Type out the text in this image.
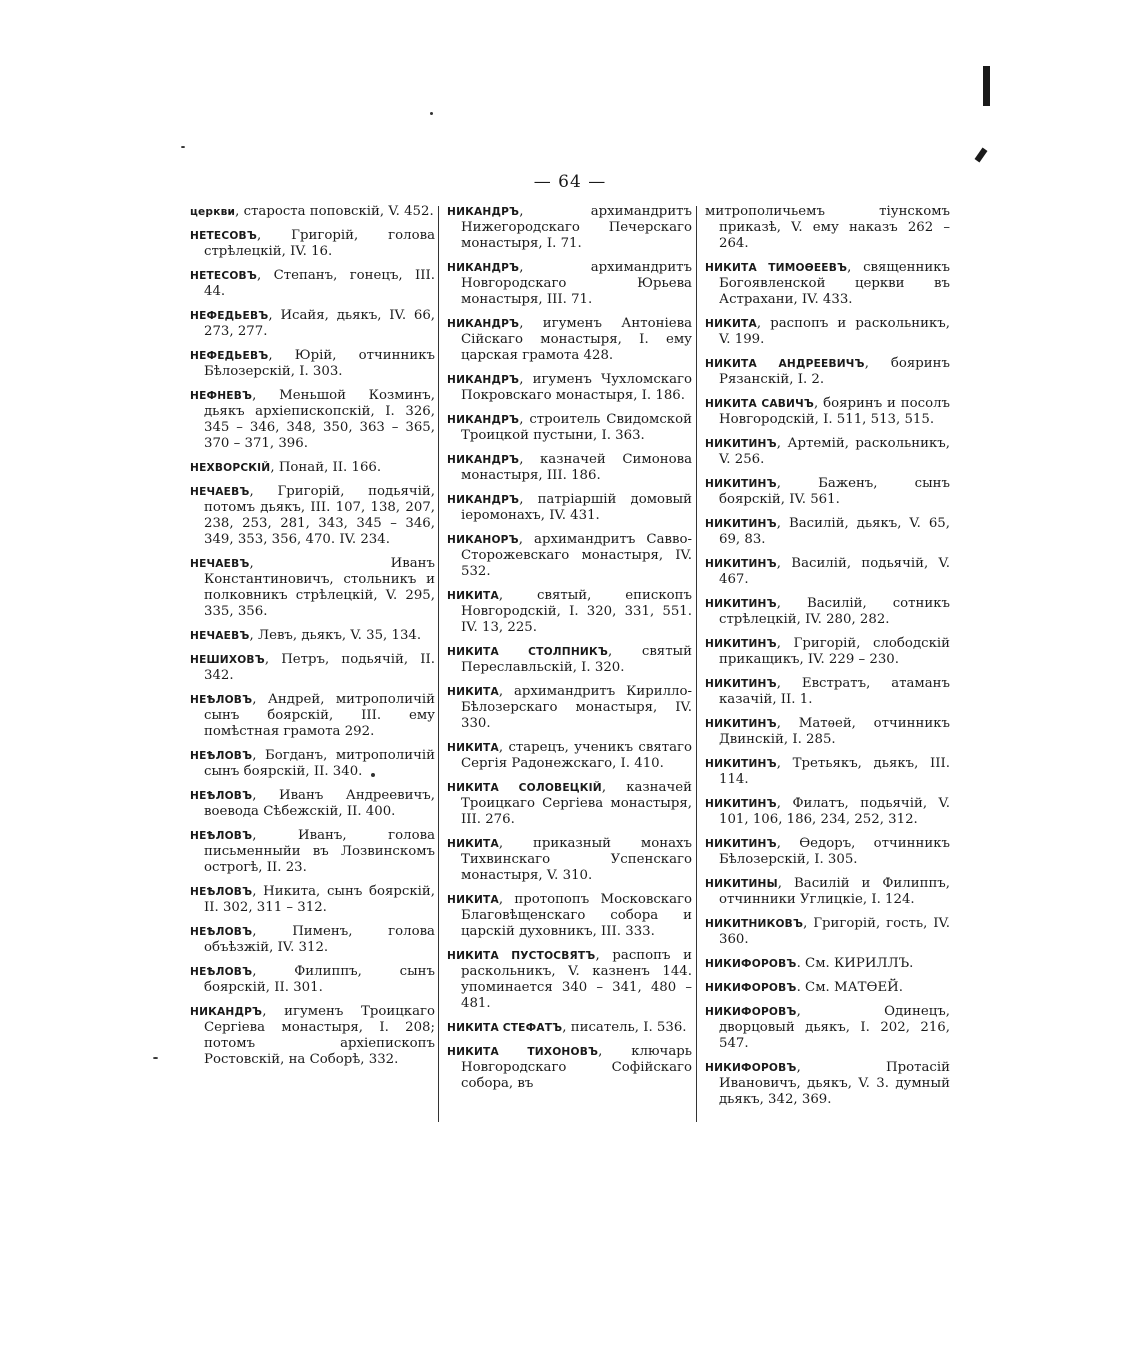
— 64 —

церкви, староста поповскій, V. 452.

НЕТЕСОВЪ, Григорій, голова стрѣлецкій, IV. 16.

НЕТЕСОВЪ, Степанъ, гонецъ, III. 44.

НЕФЕДЬЕВЪ, Исайя, дьякъ, IV. 66, 273, 277.

НЕФЕДЬЕВЪ, Юрій, отчинникъ Бѣлозерскій, I. 303.

НЕФНЕВЪ, Меньшой Козминъ, дьякъ архіепископскій, I. 326, 345 – 346, 348, 350, 363 – 365, 370 – 371, 396.

НЕХВОРСКІЙ, Понай, II. 166.

НЕЧАЕВЪ, Григорій, подьячій, потомъ дьякъ, III. 107, 138, 207, 238, 253, 281, 343, 345 – 346, 349, 353, 356, 470. IV. 234.

НЕЧАЕВЪ, Иванъ Константиновичъ, стольникъ и полковникъ стрѣлецкій, V. 295, 335, 356.

НЕЧАЕВЪ, Левъ, дьякъ, V. 35, 134.

НЕШИХОВЪ, Петръ, подьячій, II. 342.

НЕѢЛОВЪ, Андрей, митрополичій сынъ боярскій, III. ему помѣстная грамота 292.

НЕѢЛОВЪ, Богданъ, митрополичій сынъ боярскій, II. 340.

НЕѢЛОВЪ, Иванъ Андреевичъ, воевода Сѣбежскій, II. 400.

НЕѢЛОВЪ, Иванъ, голова письменныйи въ Лозвинскомъ острогѣ, II. 23.

НЕѢЛОВЪ, Никита, сынъ боярскій, II. 302, 311 – 312.

НЕѢЛОВЪ, Пименъ, голова объѣзжій, IV. 312.

НЕѢЛОВЪ, Филиппъ, сынъ боярскій, II. 301.

НИКАНДРЪ, игуменъ Троицкаго Сергіева монастыря, I. 208; потомъ архіепископъ Ростовскій, на Соборѣ, 332.

НИКАНДРЪ, архимандритъ Нижегородскаго Печерскаго монастыря, I. 71.

НИКАНДРЪ, архимандритъ Новгородскаго Юрьева монастыря, III. 71.

НИКАНДРЪ, игуменъ Антоніева Сійскаго монастыря, I. ему царская грамота 428.

НИКАНДРЪ, игуменъ Чухломскаго Покровскаго монастыря, I. 186.

НИКАНДРЪ, строитель Свидомской Троицкой пустыни, I. 363.

НИКАНДРЪ, казначей Симонова монастыря, III. 186.

НИКАНДРЪ, патріаршій домовый іеромонахъ, IV. 431.

НИКАНОРЪ, архимандритъ Савво-Сторожевскаго монастыря, IV. 532.

НИКИТА, святый, епископъ Новгородскій, I. 320, 331, 551. IV. 13, 225.

НИКИТА СТОЛПНИКЪ, святый Переславльскій, I. 320.

НИКИТА, архимандритъ Кирилло-Бѣлозерскаго монастыря, IV. 330.

НИКИТА, старецъ, ученикъ святаго Сергія Радонежскаго, I. 410.

НИКИТА СОЛОВЕЦКІЙ, казначей Троицкаго Сергіева монастыря, III. 276.

НИКИТА, приказный монахъ Тихвинскаго Успенскаго монастыря, V. 310.

НИКИТА, протопопъ Московскаго Благовѣщенскаго собора и царскій духовникъ, III. 333.

НИКИТА ПУСТОСВЯТЪ, распопъ и раскольникъ, V. казненъ 144. упоминается 340 – 341, 480 – 481.

НИКИТА СТЕФАТЪ, писатель, I. 536.

НИКИТА ТИХОНОВЪ, ключарь Новгородскаго Софійскаго собора, въ

митрополичьемъ тіунскомъ приказѣ, V. ему наказъ 262 – 264.

НИКИТА ТИМОѲЕЕВЪ, священникъ Богоявленской церкви въ Астрахани, IV. 433.

НИКИТА, распопъ и раскольникъ, V. 199.

НИКИТА АНДРЕЕВИЧЪ, бояринъ Рязанскій, I. 2.

НИКИТА САВИЧЪ, бояринъ и посолъ Новгородскій, I. 511, 513, 515.

НИКИТИНЪ, Артемій, раскольникъ, V. 256.

НИКИТИНЪ, Баженъ, сынъ боярскій, IV. 561.

НИКИТИНЪ, Василій, дьякъ, V. 65, 69, 83.

НИКИТИНЪ, Василій, подьячій, V. 467.

НИКИТИНЪ, Василій, сотникъ стрѣлецкій, IV. 280, 282.

НИКИТИНЪ, Григорій, слободскій прикащикъ, IV. 229 – 230.

НИКИТИНЪ, Евстратъ, атаманъ казачій, II. 1.

НИКИТИНЪ, Матѳей, отчинникъ Двинскій, I. 285.

НИКИТИНЪ, Третьякъ, дьякъ, III. 114.

НИКИТИНЪ, Филатъ, подьячій, V. 101, 106, 186, 234, 252, 312.

НИКИТИНЪ, Ѳедоръ, отчинникъ Бѣлозерскій, I. 305.

НИКИТИНЫ, Василій и Филиппъ, отчинники Углицкіе, I. 124.

НИКИТНИКОВЪ, Григорій, гость, IV. 360.

НИКИФОРОВЪ. См. КИРИЛЛЪ.

НИКИФОРОВЪ. См. МАТѲЕЙ.

НИКИФОРОВЪ, Одинецъ, дворцовый дьякъ, I. 202, 216, 547.

НИКИФОРОВЪ, Протасій Ивановичъ, дьякъ, V. 3. думный дьякъ, 342, 369.
